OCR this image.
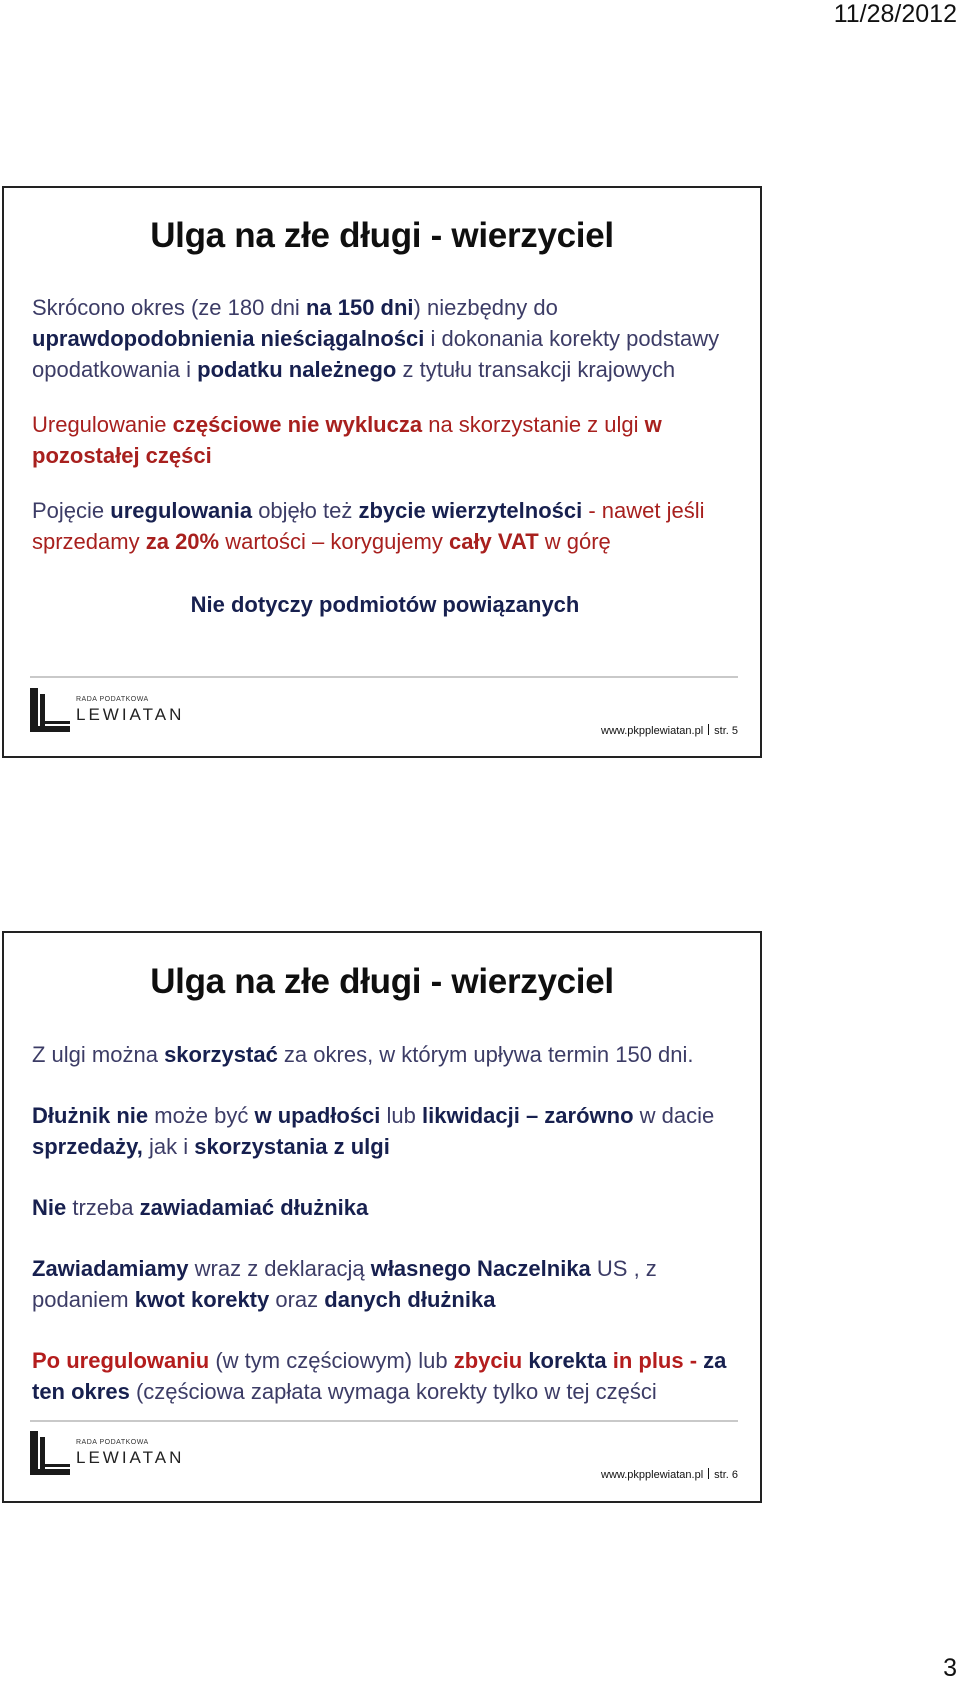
11/28/2012
Ulga na złe długi - wierzyciel

Skrócono okres (ze 180 dni na 150 dni) niezbędny do uprawdopodobnienia nieściągalności i dokonania korekty podstawy opodatkowania i podatku należnego z tytułu transakcji krajowych

Uregulowanie częściowe nie wyklucza na skorzystanie z ulgi w pozostałej części

Pojęcie uregulowania objęło też zbycie wierzytelności - nawet jeśli sprzedamy za 20% wartości – korygujemy cały VAT w górę

Nie dotyczy podmiotów powiązanych

RADA PODATKOWA
LEWIATAN
www.pkpplewiatan.pl str. 5
Ulga na złe długi - wierzyciel

Z ulgi można skorzystać za okres, w którym upływa termin 150 dni.

Dłużnik nie może być w upadłości lub likwidacji – zarówno w dacie sprzedaży, jak i skorzystania z ulgi

Nie trzeba zawiadamiać dłużnika

Zawiadamiamy wraz z deklaracją własnego Naczelnika US , z podaniem kwot korekty oraz danych dłużnika

Po uregulowaniu (w tym częściowym) lub zbyciu korekta in plus - za ten okres (częściowa zapłata wymaga korekty tylko w tej części

RADA PODATKOWA
LEWIATAN
www.pkpplewiatan.pl str. 6
3
